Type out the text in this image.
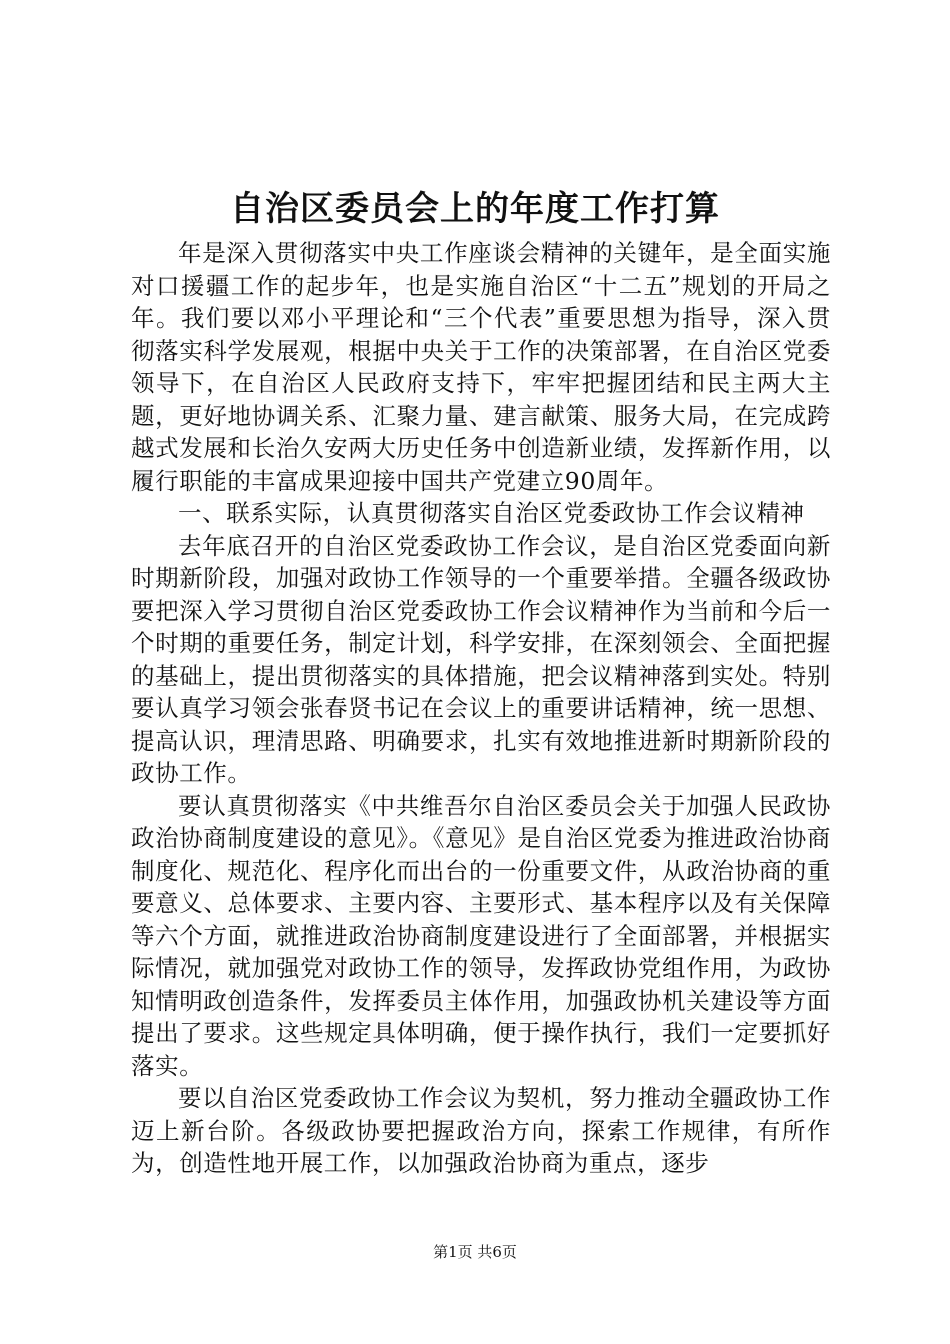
自治区委员会上的年度工作打算

年是深入贯彻落实中央工作座谈会精神的关键年，是全面实施对口援疆工作的起步年，也是实施自治区“十二五”规划的开局之年。我们要以邓小平理论和“三个代表”重要思想为指导，深入贯彻落实科学发展观，根据中央关于工作的决策部署，在自治区党委领导下，在自治区人民政府支持下，牢牢把握团结和民主两大主题，更好地协调关系、汇聚力量、建言献策、服务大局，在完成跨越式发展和长治久安两大历史任务中创造新业绩，发挥新作用，以履行职能的丰富成果迎接中国共产党建立90周年。

一、联系实际，认真贯彻落实自治区党委政协工作会议精神

去年底召开的自治区党委政协工作会议，是自治区党委面向新时期新阶段，加强对政协工作领导的一个重要举措。全疆各级政协要把深入学习贯彻自治区党委政协工作会议精神作为当前和今后一个时期的重要任务，制定计划，科学安排，在深刻领会、全面把握的基础上，提出贯彻落实的具体措施，把会议精神落到实处。特别要认真学习领会张春贤书记在会议上的重要讲话精神，统一思想、提高认识，理清思路、明确要求，扎实有效地推进新时期新阶段的政协工作。

要认真贯彻落实《中共维吾尔自治区委员会关于加强人民政协政治协商制度建设的意见》。《意见》是自治区党委为推进政治协商制度化、规范化、程序化而出台的一份重要文件，从政治协商的重要意义、总体要求、主要内容、主要形式、基本程序以及有关保障等六个方面，就推进政治协商制度建设进行了全面部署，并根据实际情况，就加强党对政协工作的领导，发挥政协党组作用，为政协知情明政创造条件，发挥委员主体作用，加强政协机关建设等方面提出了要求。这些规定具体明确，便于操作执行，我们一定要抓好落实。

要以自治区党委政协工作会议为契机，努力推动全疆政协工作迈上新台阶。各级政协要把握政治方向，探索工作规律，有所作为，创造性地开展工作，以加强政治协商为重点，逐步

第1页 共6页
